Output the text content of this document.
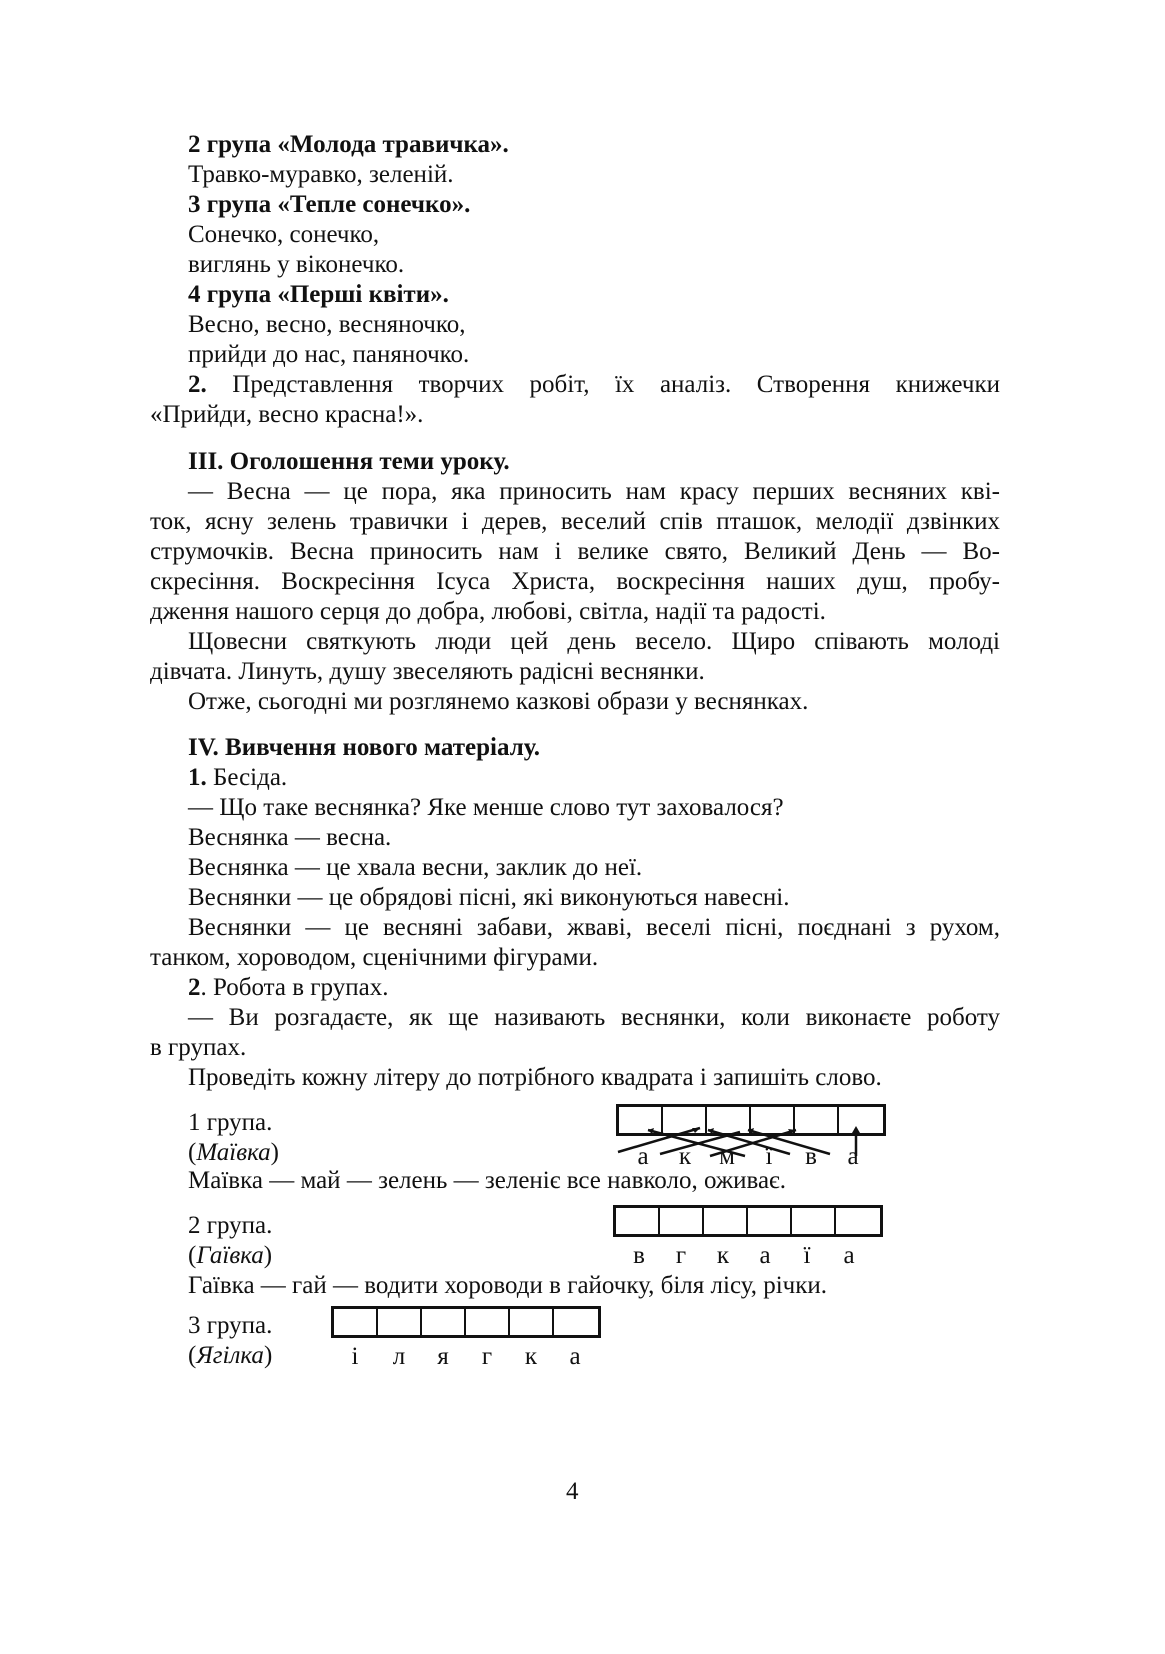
2 група «Молода травичка».
Травко-муравко, зеленій.
3 група «Тепле сонечко».
Сонечко, сонечко,
виглянь у віконечко.
4 група «Перші квіти».
Весно, весно, весняночко,
прийди до нас, паняночко.
2. Представлення творчих робіт, їх аналіз. Створення книжечки
«Прийди, весно красна!».
III. Оголошення теми уроку.
— Весна — це пора, яка приносить нам красу перших весняних кві-
ток, ясну зелень травички і дерев, веселий спів пташок, мелодії дзвінких
струмочків. Весна приносить нам і велике свято, Великий День — Во-
скресіння. Воскресіння Ісуса Христа, воскресіння наших душ, пробу-
дження нашого серця до добра, любові, світла, надії та радості.
Щовесни святкують люди цей день весело. Щиро співають молоді
дівчата. Линуть, душу звеселяють радісні веснянки.
Отже, сьогодні ми розглянемо казкові образи у веснянках.
IV. Вивчення нового матеріалу.
1. Бесіда.
— Що таке веснянка? Яке менше слово тут заховалося?
Веснянка — весна.
Веснянка — це хвала весни, заклик до неї.
Веснянки — це обрядові пісні, які виконуються навесні.
Веснянки — це весняні забави, жваві, веселі пісні, поєднані з рухом,
танком, хороводом, сценічними фігурами.
2. Робота в групах.
— Ви розгадаєте, як ще називають веснянки, коли виконаєте роботу
в групах.
Проведіть кожну літеру до потрібного квадрата і запишіть слово.
1 група.
(Маївка)	а	к	м	ї	в	а
Маївка — май — зелень — зеленіє все навколо, оживає.
2 група.
(Гаївка)	в	г	к	а	ї	а
Гаївка — гай — водити хороводи в гайочку, біля лісу, річки.
3 група.
(Ягілка)	і	л	я	г	к	а
4
